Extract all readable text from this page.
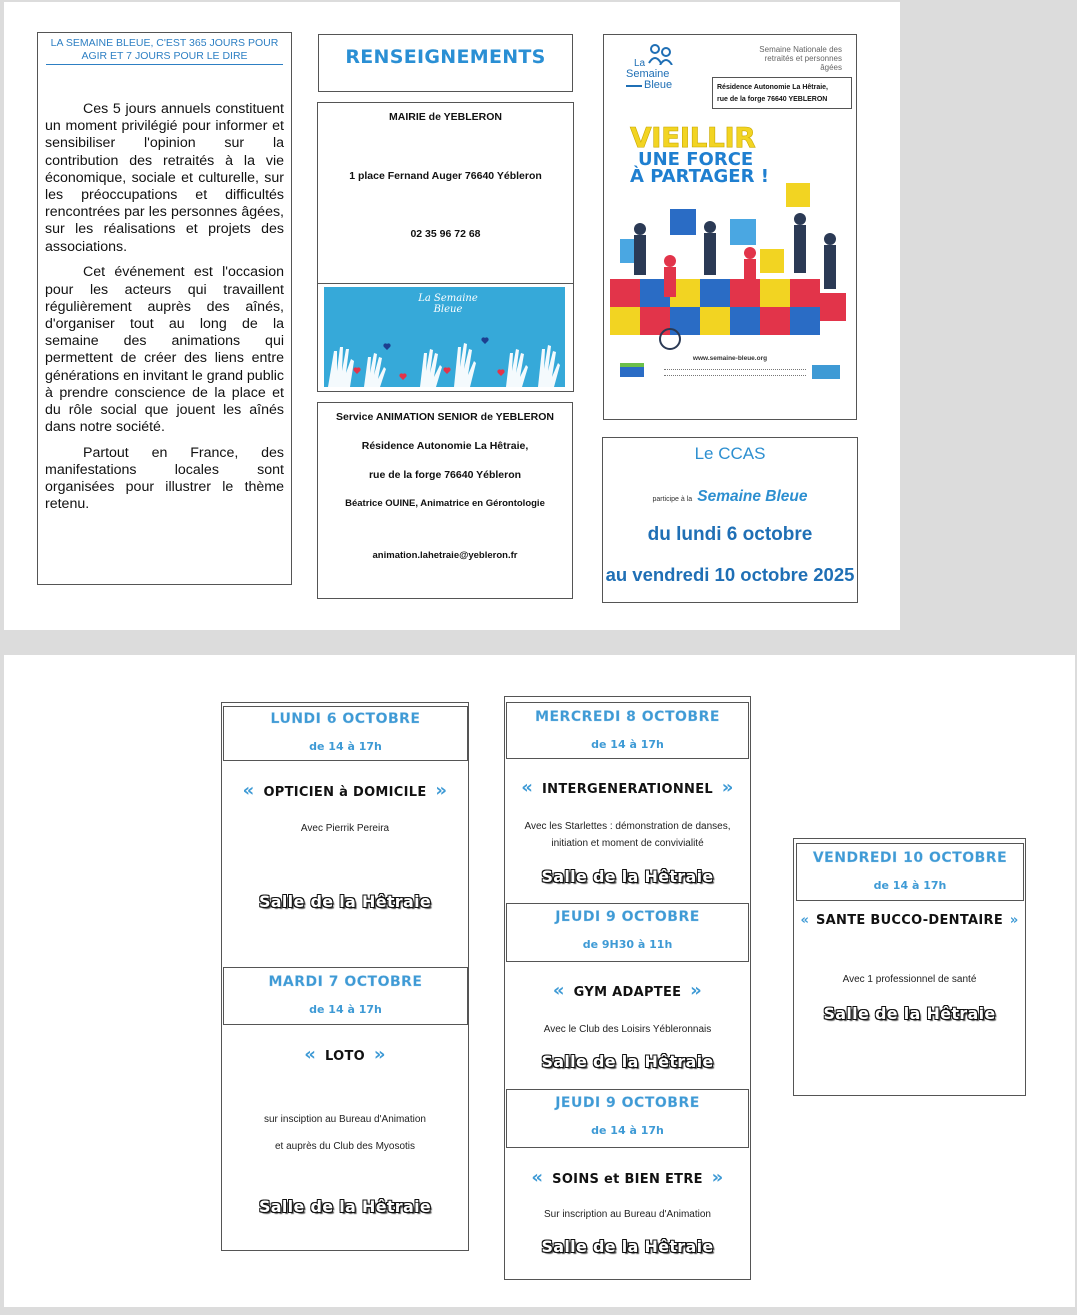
LA SEMAINE BLEUE, C'EST 365 JOURS POUR AGIR ET 7 JOURS POUR LE DIRE

Ces 5 jours annuels constituent un moment privilégié pour informer et sensibiliser l'opinion sur la contribution des retraités à la vie économique, sociale et culturelle, sur les préoccupations et difficultés rencontrées par les personnes âgées, sur les réalisations et projets des associations.

Cet événement est l'occasion pour les acteurs qui travaillent régulièrement auprès des aînés, d'organiser tout au long de la semaine des animations qui permettent de créer des liens entre générations en invitant le grand public à prendre conscience de la place et du rôle social que jouent les aînés dans notre société.

Partout en France, des manifestations locales sont organisées pour illustrer le thème retenu.

RENSEIGNEMENTS
MAIRIE de YEBLERON
1 place Fernand Auger 76640 Yébleron
02 35 96 72 68
La Semaine Bleue
Service ANIMATION SENIOR de YEBLERON
Résidence Autonomie La Hêtraie,
rue de la forge 76640 Yébleron
Béatrice OUINE, Animatrice en Gérontologie
animation.lahetraie@yebleron.fr
La
Semaine
Bleue
Semaine Nationale des retraités et personnes âgées
Résidence Autonomie La Hêtraie,
rue de la forge 76640 YEBLERON
VIEILLIR
UNE FORCE
À PARTAGER !
www.semaine-bleue.org
Le CCAS
participe à la Semaine Bleue
du lundi 6 octobre
au vendredi 10 octobre 2025
LUNDI 6 OCTOBRE
de 14 à 17h
« OPTICIEN à DOMICILE »
Avec Pierrik Pereira
Salle de la Hêtraie
MARDI 7 OCTOBRE
de 14 à 17h
« LOTO »
sur insciption au Bureau d'Animation
et auprès du Club des Myosotis
Salle de la Hêtraie
MERCREDI 8 OCTOBRE
de 14 à 17h
« INTERGENERATIONNEL »
Avec les Starlettes : démonstration de danses,
initiation et moment de convivialité
Salle de la Hêtraie
JEUDI 9 OCTOBRE
de 9H30 à 11h
« GYM ADAPTEE »
Avec le Club des Loisirs Yébleronnais
Salle de la Hêtraie
JEUDI 9 OCTOBRE
de 14 à 17h
« SOINS et BIEN ETRE »
Sur inscription au Bureau d'Animation
Salle de la Hêtraie
VENDREDI 10 OCTOBRE
de 14 à 17h
« SANTE BUCCO-DENTAIRE »
Avec 1 professionnel de santé
Salle de la Hêtraie
